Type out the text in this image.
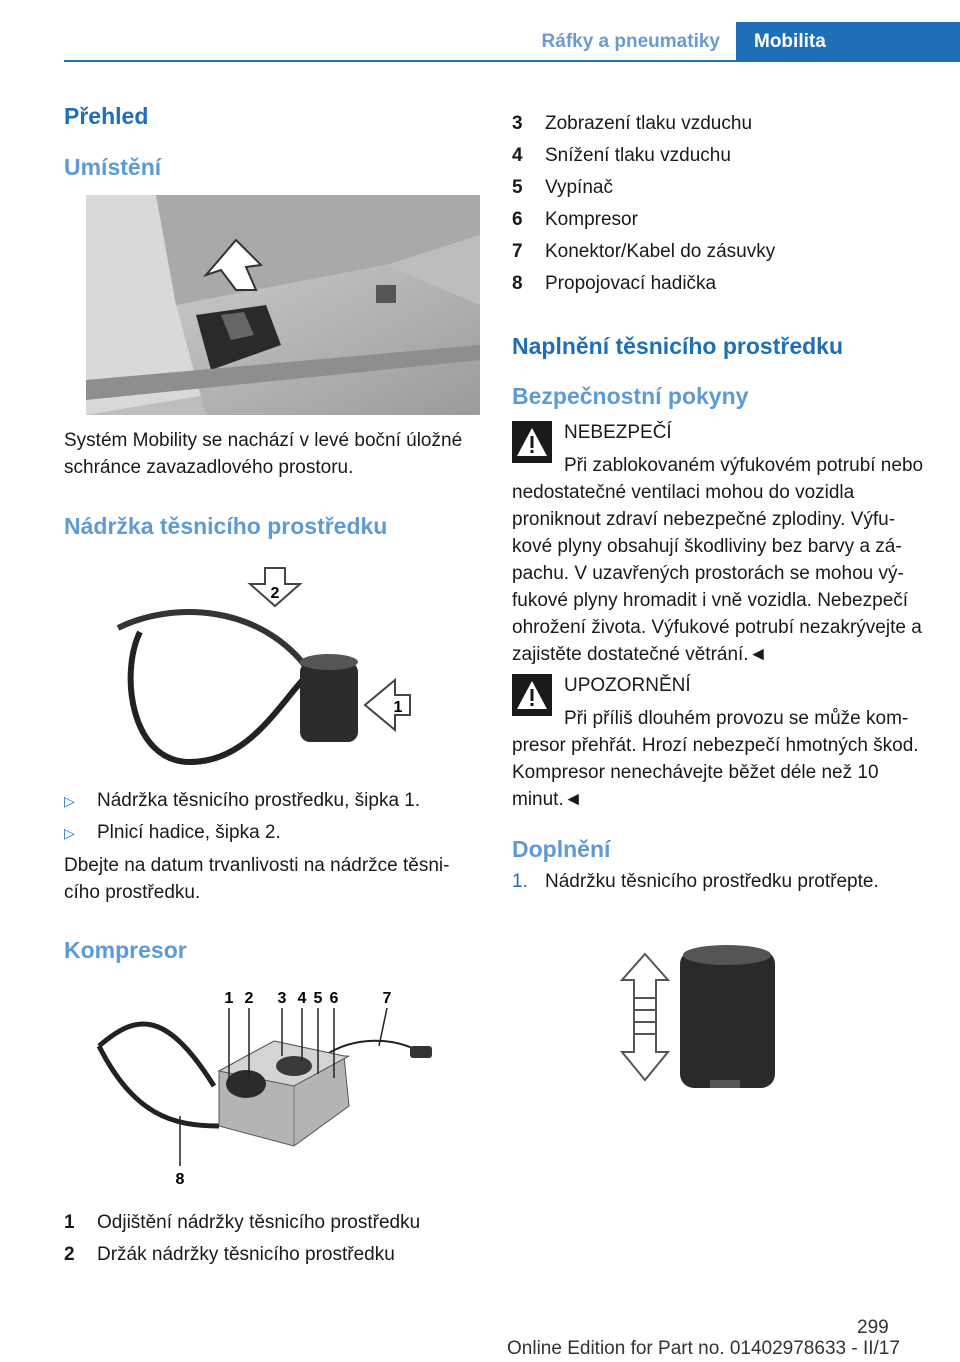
Ráfky a pneumatiky	Mobilita
Přehled
Umístění
Systém Mobility se nachází v levé boční úložné schránce zavazadlového prostoru.
Nádržka těsnicího prostředku
2
1
▷ Nádržka těsnicího prostředku, šipka 1.
▷ Plnicí hadice, šipka 2.
Dbejte na datum trvanlivosti na nádržce těsni‐cího prostředku.
Kompresor
1 2 3 4 5 6	7
8
1 Odjištění nádržky těsnicího prostředku
2 Držák nádržky těsnicího prostředku
3 Zobrazení tlaku vzduchu
4 Snížení tlaku vzduchu
5 Vypínač
6 Kompresor
7 Konektor/Kabel do zásuvky
8 Propojovací hadička
Naplnění těsnicího prostředku
Bezpečnostní pokyny
NEBEZPEČÍ
Při zablokovaném výfukovém potrubí nebo nedostatečné ventilaci mohou do vozidla proniknout zdraví nebezpečné zplodiny. Výfu‐kové plyny obsahují škodliviny bez barvy a zá‐pachu. V uzavřených prostorách se mohou vý‐fukové plyny hromadit i vně vozidla. Nebezpečí ohrožení života. Výfukové potrubí nezakrývejte a zajistěte dostatečné větrání.◄
UPOZORNĚNÍ
Při příliš dlouhém provozu se může kom‐presor přehřát. Hrozí nebezpečí hmotných škod. Kompresor nenechávejte běžet déle než 10 minut.◄
Doplnění
1. Nádržku těsnicího prostředku protřepte.
299
Online Edition for Part no. 01402978633 - II/17
